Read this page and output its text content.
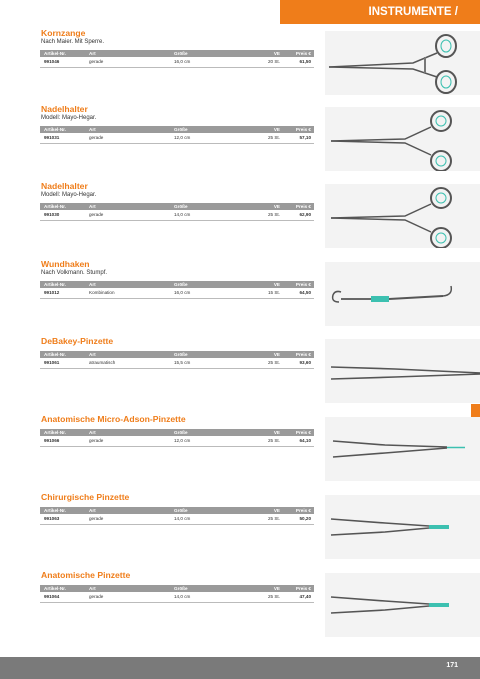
INSTRUMENTE /
Kornzange
Nach Maier. Mit Sperre.
Artikel-Nr.	Art	Größe	VE	Preis €
991046	gerade	16,0 cm	20 St.	61,50
Nadelhalter
Modell: Mayo-Hegar.
Artikel-Nr.	Art	Größe	VE	Preis €
991031	gerade	12,0 cm	25 St.	57,10
Nadelhalter
Modell: Mayo-Hegar.
Artikel-Nr.	Art	Größe	VE	Preis €
991030	gerade	14,0 cm	25 St.	62,90
Wundhaken
Nach Volkmann. Stumpf.
Artikel-Nr.	Art	Größe	VE	Preis €
991012	Kombination	16,0 cm	15 St.	64,50
DeBakey-Pinzette
Artikel-Nr.	Art	Größe	VE	Preis €
991061	atraumatisch	15,5 cm	25 St.	93,60
Anatomische Micro-Adson-Pinzette
Artikel-Nr.	Art	Größe	VE	Preis €
991066	gerade	12,0 cm	25 St.	64,10
Chirurgische Pinzette
Artikel-Nr.	Art	Größe	VE	Preis €
991063	gerade	14,0 cm	25 St.	50,20
Anatomische Pinzette
Artikel-Nr.	Art	Größe	VE	Preis €
991064	gerade	14,0 cm	25 St.	47,40
171
